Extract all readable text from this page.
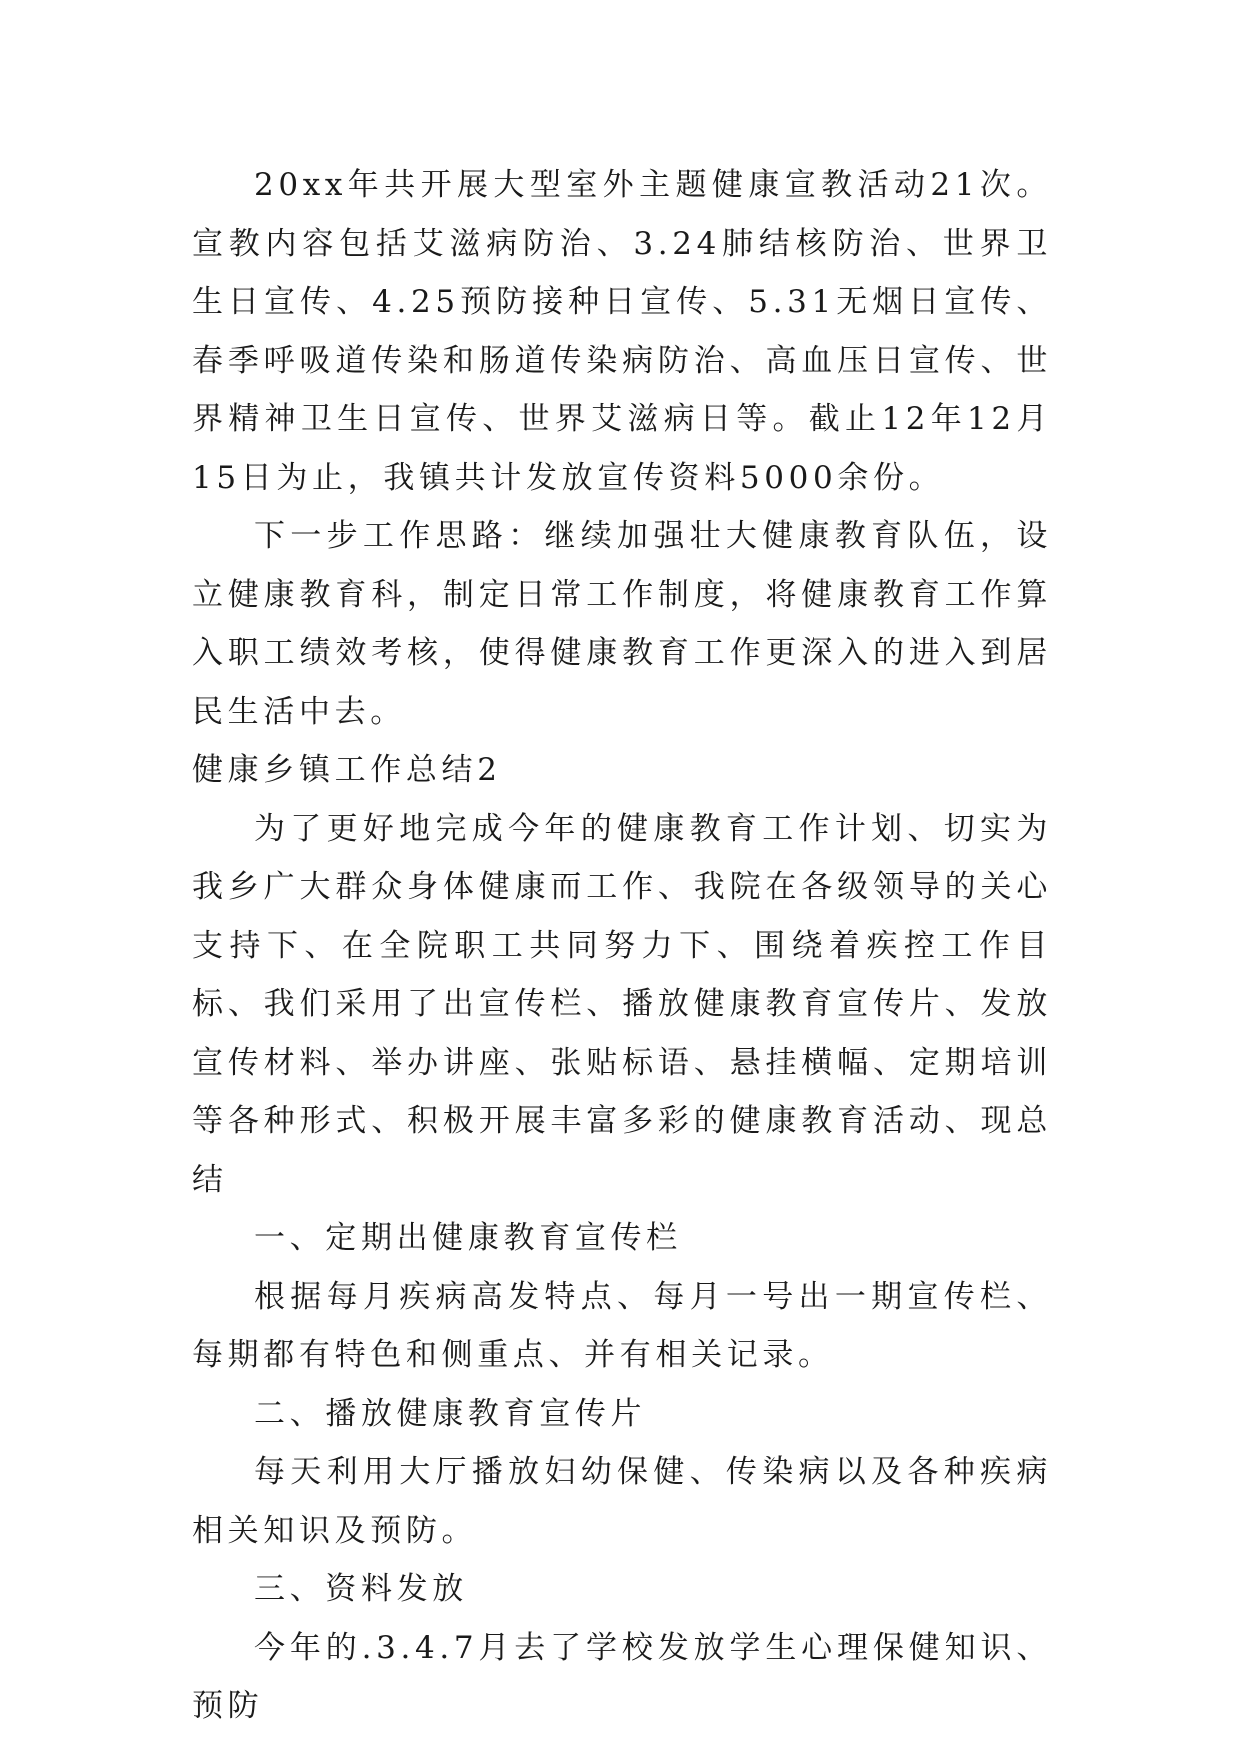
20xx年共开展大型室外主题健康宣教活动21次。宣教内容包括艾滋病防治、3.24肺结核防治、世界卫生日宣传、4.25预防接种日宣传、5.31无烟日宣传、春季呼吸道传染和肠道传染病防治、高血压日宣传、世界精神卫生日宣传、世界艾滋病日等。截止12年12月15日为止，我镇共计发放宣传资料5000余份。

下一步工作思路：继续加强壮大健康教育队伍，设立健康教育科，制定日常工作制度，将健康教育工作算入职工绩效考核，使得健康教育工作更深入的进入到居民生活中去。

健康乡镇工作总结2

为了更好地完成今年的健康教育工作计划、切实为我乡广大群众身体健康而工作、我院在各级领导的关心支持下、在全院职工共同努力下、围绕着疾控工作目标、我们采用了出宣传栏、播放健康教育宣传片、发放宣传材料、举办讲座、张贴标语、悬挂横幅、定期培训等各种形式、积极开展丰富多彩的健康教育活动、现总结

一、定期出健康教育宣传栏

根据每月疾病高发特点、每月一号出一期宣传栏、每期都有特色和侧重点、并有相关记录。

二、播放健康教育宣传片

每天利用大厅播放妇幼保健、传染病以及各种疾病相关知识及预防。

三、资料发放

今年的.3.4.7月去了学校发放学生心理保健知识、预防
